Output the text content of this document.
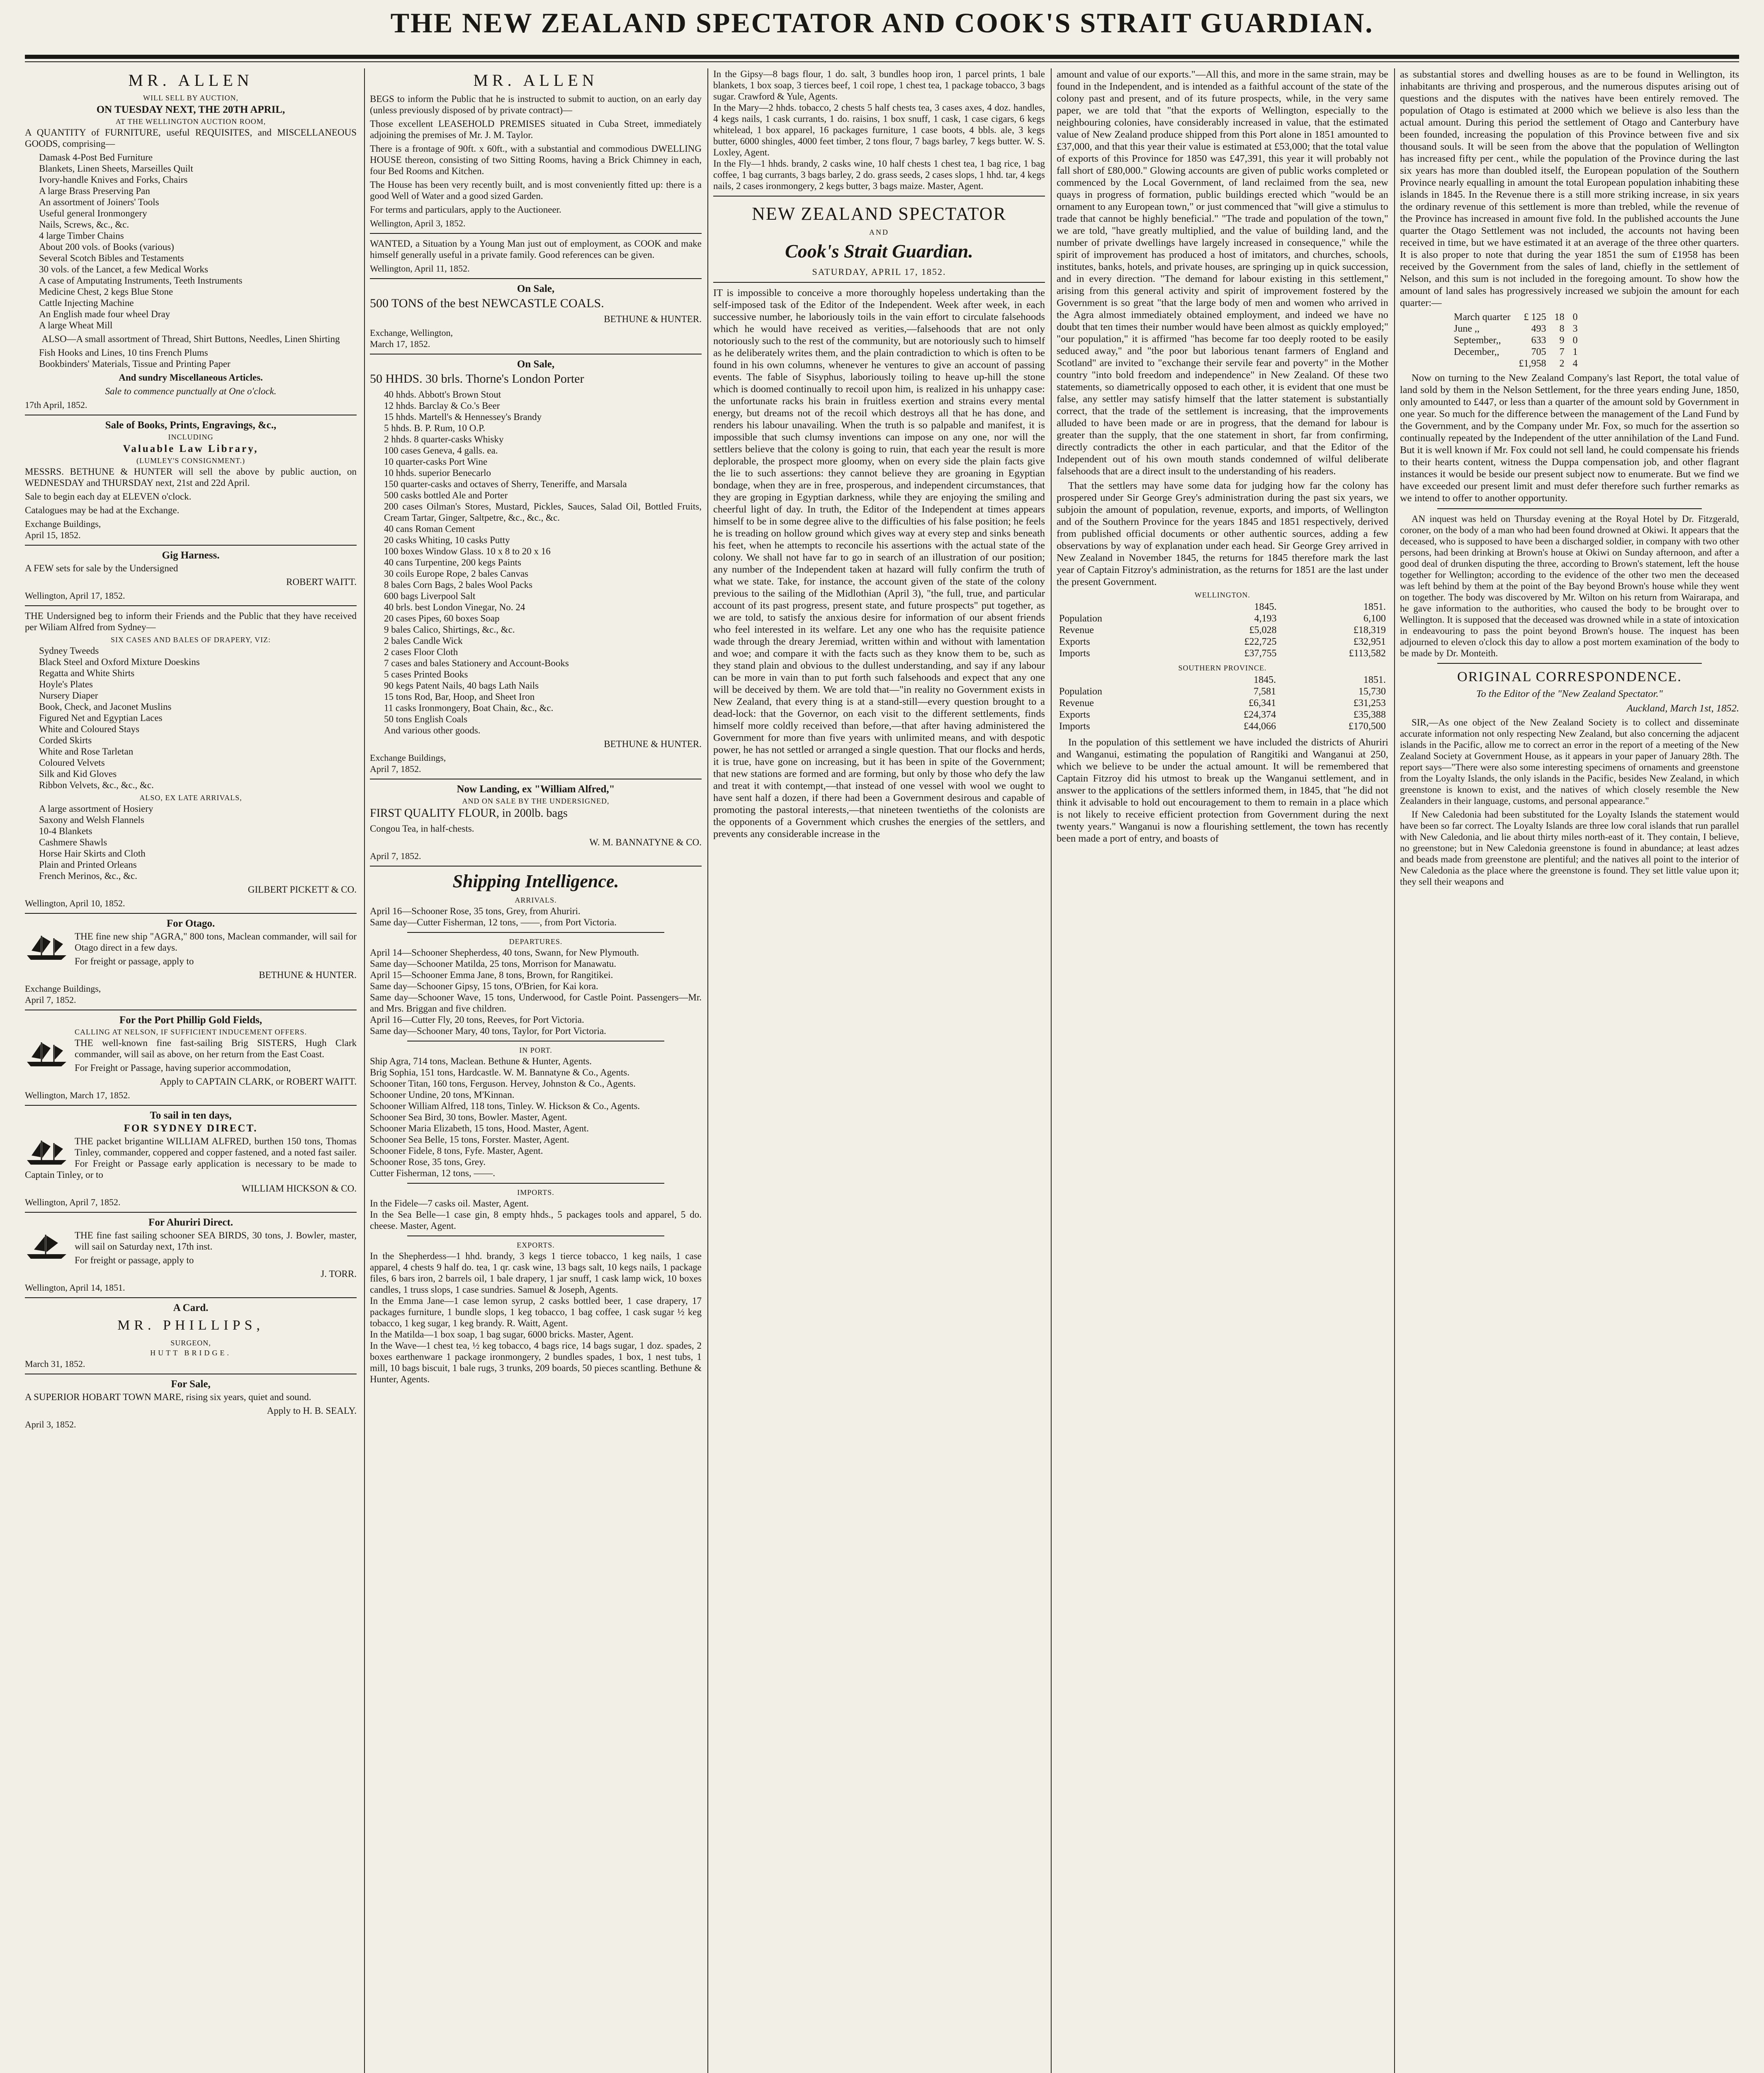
THE NEW ZEALAND SPECTATOR AND COOK'S STRAIT GUARDIAN.
MR. ALLEN
WILL SELL BY AUCTION,
ON TUESDAY NEXT, THE 20TH APRIL,
AT THE WELLINGTON AUCTION ROOM,

A QUANTITY of FURNITURE, useful REQUISITES, and MISCELLANEOUS GOODS, comprising—

Damask 4-Post Bed Furniture
Blankets, Linen Sheets, Marseilles Quilt
Ivory-handle Knives and Forks, Chairs
A large Brass Preserving Pan
An assortment of Joiners' Tools
Useful general Ironmongery
Nails, Screws, &c., &c.
4 large Timber Chains
About 200 vols. of Books (various)
Several Scotch Bibles and Testaments
30 vols. of the Lancet, a few Medical Works
A case of Amputating Instruments, Teeth Instruments
Medicine Chest, 2 kegs Blue Stone
Cattle Injecting Machine
An English made four wheel Dray
A large Wheat Mill

ALSO—A small assortment of Thread, Shirt Buttons, Needles, Linen Shirting

Fish Hooks and Lines, 10 tins French Plums
Bookbinders' Materials, Tissue and Printing Paper

And sundry Miscellaneous Articles.

Sale to commence punctually at One o'clock.

17th April, 1852.

Sale of Books, Prints, Engravings, &c.,
INCLUDING
Valuable Law Library,
(LUMLEY'S CONSIGNMENT.)

MESSRS. BETHUNE & HUNTER will sell the above by public auction, on WEDNESDAY and THURSDAY next, 21st and 22d April.

Sale to begin each day at ELEVEN o'clock.

Catalogues may be had at the Exchange.

Exchange Buildings,
April 15, 1852.

Gig Harness.

A FEW sets for sale by the Undersigned

ROBERT WAITT.

Wellington, April 17, 1852.

THE Undersigned beg to inform their Friends and the Public that they have received per Wiliam Alfred from Sydney—

SIX CASES AND BALES OF DRAPERY, VIZ:
Sydney Tweeds
Black Steel and Oxford Mixture Doeskins
Regatta and White Shirts
Hoyle's Plates
Nursery Diaper
Book, Check, and Jaconet Muslins
Figured Net and Egyptian Laces
White and Coloured Stays
Corded Skirts
White and Rose Tarletan
Coloured Velvets
Silk and Kid Gloves
Ribbon Velvets, &c., &c., &c.
ALSO, EX LATE ARRIVALS,
A large assortment of Hosiery
Saxony and Welsh Flannels
10-4 Blankets
Cashmere Shawls
Horse Hair Skirts and Cloth
Plain and Printed Orleans
French Merinos, &c., &c.

GILBERT PICKETT & CO.

Wellington, April 10, 1852.

For Otago.

THE fine new ship "AGRA," 800 tons, Maclean commander, will sail for Otago direct in a few days.

For freight or passage, apply to

BETHUNE & HUNTER.

Exchange Buildings,
April 7, 1852.

For the Port Phillip Gold Fields,
CALLING AT NELSON, IF SUFFICIENT INDUCEMENT OFFERS.

THE well-known fine fast-sailing Brig SISTERS, Hugh Clark commander, will sail as above, on her return from the East Coast.

For Freight or Passage, having superior accommodation,

Apply to CAPTAIN CLARK, or ROBERT WAITT.

Wellington, March 17, 1852.

To sail in ten days,
FOR SYDNEY DIRECT.

THE packet brigantine WILLIAM ALFRED, burthen 150 tons, Thomas Tinley, commander, coppered and copper fastened, and a noted fast sailer. For Freight or Passage early application is necessary to be made to Captain Tinley, or to

WILLIAM HICKSON & CO.

Wellington, April 7, 1852.

For Ahuriri Direct.

THE fine fast sailing schooner SEA BIRDS, 30 tons, J. Bowler, master, will sail on Saturday next, 17th inst.

For freight or passage, apply to

J. TORR.

Wellington, April 14, 1851.

A Card.
MR. PHILLIPS,
SURGEON,
HUTT BRIDGE.

March 31, 1852.

For Sale,

A SUPERIOR HOBART TOWN MARE, rising six years, quiet and sound.

Apply to H. B. SEALY.

April 3, 1852.

MR. ALLEN

BEGS to inform the Public that he is instructed to submit to auction, on an early day (unless previously disposed of by private contract)—

Those excellent LEASEHOLD PREMISES situated in Cuba Street, immediately adjoining the premises of Mr. J. M. Taylor.

There is a frontage of 90ft. x 60ft., with a substantial and commodious DWELLING HOUSE thereon, consisting of two Sitting Rooms, having a Brick Chimney in each, four Bed Rooms and Kitchen.

The House has been very recently built, and is most conveniently fitted up: there is a good Well of Water and a good sized Garden.

For terms and particulars, apply to the Auctioneer.

Wellington, April 3, 1852.

WANTED, a Situation by a Young Man just out of employment, as COOK and make himself generally useful in a private family. Good references can be given.

Wellington, April 11, 1852.

On Sale,

500 TONS of the best NEWCASTLE COALS.

BETHUNE & HUNTER.

Exchange, Wellington,
March 17, 1852.

On Sale,

50 HHDS. 30 brls. Thorne's London Porter

40 hhds. Abbott's Brown Stout
12 hhds. Barclay & Co.'s Beer
15 hhds. Martell's & Hennessey's Brandy
5 hhds. B. P. Rum, 10 O.P.
2 hhds. 8 quarter-casks Whisky
100 cases Geneva, 4 galls. ea.
10 quarter-casks Port Wine
10 hhds. superior Benecarlo
150 quarter-casks and octaves of Sherry, Teneriffe, and Marsala
500 casks bottled Ale and Porter
200 cases Oilman's Stores, Mustard, Pickles, Sauces, Salad Oil, Bottled Fruits, Cream Tartar, Ginger, Saltpetre, &c., &c., &c.
40 cans Roman Cement
20 casks Whiting, 10 casks Putty
100 boxes Window Glass. 10 x 8 to 20 x 16
40 cans Turpentine, 200 kegs Paints
30 coils Europe Rope, 2 bales Canvas
8 bales Corn Bags, 2 bales Wool Packs
600 bags Liverpool Salt
40 brls. best London Vinegar, No. 24
20 cases Pipes, 60 boxes Soap
9 bales Calico, Shirtings, &c., &c.
2 bales Candle Wick
2 cases Floor Cloth
7 cases and bales Stationery and Account-Books
5 cases Printed Books
90 kegs Patent Nails, 40 bags Lath Nails
15 tons Rod, Bar, Hoop, and Sheet Iron
11 casks Ironmongery, Boat Chain, &c., &c.
50 tons English Coals
And various other goods.

BETHUNE & HUNTER.

Exchange Buildings,
April 7, 1852.

Now Landing, ex "William Alfred,"
AND ON SALE BY THE UNDERSIGNED,

FIRST QUALITY FLOUR, in 200lb. bags

Congou Tea, in half-chests.

W. M. BANNATYNE & CO.

April 7, 1852.

Shipping Intelligence.
ARRIVALS.
April 16—Schooner Rose, 35 tons, Grey, from Ahuriri.
Same day—Cutter Fisherman, 12 tons, ——, from Port Victoria.
DEPARTURES.
April 14—Schooner Shepherdess, 40 tons, Swann, for New Plymouth.
Same day—Schooner Matilda, 25 tons, Morrison for Manawatu.
April 15—Schooner Emma Jane, 8 tons, Brown, for Rangitikei.
Same day—Schooner Gipsy, 15 tons, O'Brien, for Kai kora.
Same day—Schooner Wave, 15 tons, Underwood, for Castle Point. Passengers—Mr. and Mrs. Briggan and five children.
April 16—Cutter Fly, 20 tons, Reeves, for Port Victoria.
Same day—Schooner Mary, 40 tons, Taylor, for Port Victoria.
IN PORT.
Ship Agra, 714 tons, Maclean. Bethune & Hunter, Agents.
Brig Sophia, 151 tons, Hardcastle. W. M. Bannatyne & Co., Agents.
Schooner Titan, 160 tons, Ferguson. Hervey, Johnston & Co., Agents.
Schooner Undine, 20 tons, M'Kinnan.
Schooner William Alfred, 118 tons, Tinley. W. Hickson & Co., Agents.
Schooner Sea Bird, 30 tons, Bowler. Master, Agent.
Schooner Maria Elizabeth, 15 tons, Hood. Master, Agent.
Schooner Sea Belle, 15 tons, Forster. Master, Agent.
Schooner Fidele, 8 tons, Fyfe. Master, Agent.
Schooner Rose, 35 tons, Grey.
Cutter Fisherman, 12 tons, ——.
IMPORTS.
In the Fidele—7 casks oil. Master, Agent.
In the Sea Belle—1 case gin, 8 empty hhds., 5 packages tools and apparel, 5 do. cheese. Master, Agent.
EXPORTS.
In the Shepherdess—1 hhd. brandy, 3 kegs 1 tierce tobacco, 1 keg nails, 1 case apparel, 4 chests 9 half do. tea, 1 qr. cask wine, 13 bags salt, 10 kegs nails, 1 package files, 6 bars iron, 2 barrels oil, 1 bale drapery, 1 jar snuff, 1 cask lamp wick, 10 boxes candles, 1 truss slops, 1 case sundries. Samuel & Joseph, Agents.
In the Emma Jane—1 case lemon syrup, 2 casks bottled beer, 1 case drapery, 17 packages furniture, 1 bundle slops, 1 keg tobacco, 1 bag coffee, 1 cask sugar ½ keg tobacco, 1 keg sugar, 1 keg brandy. R. Waitt, Agent.
In the Matilda—1 box soap, 1 bag sugar, 6000 bricks. Master, Agent.
In the Wave—1 chest tea, ½ keg tobacco, 4 bags rice, 14 bags sugar, 1 doz. spades, 2 boxes earthenware 1 package ironmongery, 2 bundles spades, 1 box, 1 nest tubs, 1 mill, 10 bags biscuit, 1 bale rugs, 3 trunks, 209 boards, 50 pieces scantling. Bethune & Hunter, Agents.
In the Gipsy—8 bags flour, 1 do. salt, 3 bundles hoop iron, 1 parcel prints, 1 bale blankets, 1 box soap, 3 tierces beef, 1 coil rope, 1 chest tea, 1 package tobacco, 3 bags sugar. Crawford & Yule, Agents.
In the Mary—2 hhds. tobacco, 2 chests 5 half chests tea, 3 cases axes, 4 doz. handles, 4 kegs nails, 1 cask currants, 1 do. raisins, 1 box snuff, 1 cask, 1 case cigars, 6 kegs whitelead, 1 box apparel, 16 packages furniture, 1 case boots, 4 bbls. ale, 3 kegs butter, 6000 shingles, 4000 feet timber, 2 tons flour, 7 bags barley, 7 kegs butter. W. S. Loxley, Agent.
In the Fly—1 hhds. brandy, 2 casks wine, 10 half chests 1 chest tea, 1 bag rice, 1 bag coffee, 1 bag currants, 3 bags barley, 2 do. grass seeds, 2 cases slops, 1 hhd. tar, 4 kegs nails, 2 cases ironmongery, 2 kegs butter, 3 bags maize. Master, Agent.
NEW ZEALAND SPECTATOR
AND
Cook's Strait Guardian.
SATURDAY, APRIL 17, 1852.

IT is impossible to conceive a more thoroughly hopeless undertaking than the self-imposed task of the Editor of the Independent. Week after week, in each successive number, he laboriously toils in the vain effort to circulate falsehoods which he would have received as verities,—falsehoods that are not only notoriously such to the rest of the community, but are notoriously such to himself as he deliberately writes them, and the plain contradiction to which is often to be found in his own columns, whenever he ventures to give an account of passing events. The fable of Sisyphus, laboriously toiling to heave up-hill the stone which is doomed continually to recoil upon him, is realized in his unhappy case: the unfortunate racks his brain in fruitless exertion and strains every mental energy, but dreams not of the recoil which destroys all that he has done, and renders his labour unavailing. When the truth is so palpable and manifest, it is impossible that such clumsy inventions can impose on any one, nor will the settlers believe that the colony is going to ruin, that each year the result is more deplorable, the prospect more gloomy, when on every side the plain facts give the lie to such assertions: they cannot believe they are groaning in Egyptian bondage, when they are in free, prosperous, and independent circumstances, that they are groping in Egyptian darkness, while they are enjoying the smiling and cheerful light of day. In truth, the Editor of the Independent at times appears himself to be in some degree alive to the difficulties of his false position; he feels he is treading on hollow ground which gives way at every step and sinks beneath his feet, when he attempts to reconcile his assertions with the actual state of the colony. We shall not have far to go in search of an illustration of our position; any number of the Independent taken at hazard will fully confirm the truth of what we state. Take, for instance, the account given of the state of the colony previous to the sailing of the Midlothian (April 3), "the full, true, and particular account of its past progress, present state, and future prospects" put together, as we are told, to satisfy the anxious desire for information of our absent friends who feel interested in its welfare. Let any one who has the requisite patience wade through the dreary Jeremiad, written within and without with lamentation and woe; and compare it with the facts such as they know them to be, such as they stand plain and obvious to the dullest understanding, and say if any labour can be more in vain than to put forth such falsehoods and expect that any one will be deceived by them. We are told that—"in reality no Government exists in New Zealand, that every thing is at a stand-still—every question brought to a dead-lock: that the Governor, on each visit to the different settlements, finds himself more coldly received than before,—that after having administered the Government for more than five years with unlimited means, and with despotic power, he has not settled or arranged a single question. That our flocks and herds, it is true, have gone on increasing, but it has been in spite of the Government; that new stations are formed and are forming, but only by those who defy the law and treat it with contempt,—that instead of one vessel with wool we ought to have sent half a dozen, if there had been a Government desirous and capable of promoting the pastoral interests,—that nineteen twentieths of the colonists are the opponents of a Government which crushes the energies of the settlers, and prevents any considerable increase in the

amount and value of our exports."—All this, and more in the same strain, may be found in the Independent, and is intended as a faithful account of the state of the colony past and present, and of its future prospects, while, in the very same paper, we are told that "that the exports of Wellington, especially to the neighbouring colonies, have considerably increased in value, that the estimated value of New Zealand produce shipped from this Port alone in 1851 amounted to £37,000, and that this year their value is estimated at £53,000; that the total value of exports of this Province for 1850 was £47,391, this year it will probably not fall short of £80,000." Glowing accounts are given of public works completed or commenced by the Local Government, of land reclaimed from the sea, new quays in progress of formation, public buildings erected which "would be an ornament to any European town," or just commenced that "will give a stimulus to trade that cannot be highly beneficial." "The trade and population of the town," we are told, "have greatly multiplied, and the value of building land, and the number of private dwellings have largely increased in consequence," while the spirit of improvement has produced a host of imitators, and churches, schools, institutes, banks, hotels, and private houses, are springing up in quick succession, and in every direction. "The demand for labour existing in this settlement," arising from this general activity and spirit of improvement fostered by the Government is so great "that the large body of men and women who arrived in the Agra almost immediately obtained employment, and indeed we have no doubt that ten times their number would have been almost as quickly employed;" "our population," it is affirmed "has become far too deeply rooted to be easily seduced away," and "the poor but laborious tenant farmers of England and Scotland" are invited to "exchange their servile fear and poverty" in the Mother country "into bold freedom and independence" in New Zealand. Of these two statements, so diametrically opposed to each other, it is evident that one must be false, any settler may satisfy himself that the latter statement is substantially correct, that the trade of the settlement is increasing, that the improvements alluded to have been made or are in progress, that the demand for labour is greater than the supply, that the one statement in short, far from confirming, directly contradicts the other in each particular, and that the Editor of the Independent out of his own mouth stands condemned of wilful deliberate falsehoods that are a direct insult to the understanding of his readers.

That the settlers may have some data for judging how far the colony has prospered under Sir George Grey's administration during the past six years, we subjoin the amount of population, revenue, exports, and imports, of Wellington and of the Southern Province for the years 1845 and 1851 respectively, derived from published official documents or other authentic sources, adding a few observations by way of explanation under each head. Sir George Grey arrived in New Zealand in November 1845, the returns for 1845 therefore mark the last year of Captain Fitzroy's administration, as the returns for 1851 are the last under the present Government.

WELLINGTON.
	1845.	1851.
Population	4,193	6,100
Revenue	£5,028	£18,319
Exports	£22,725	£32,951
Imports	£37,755	£113,582
SOUTHERN PROVINCE.
	1845.	1851.
Population	7,581	15,730
Revenue	£6,341	£31,253
Exports	£24,374	£35,388
Imports	£44,066	£170,500

In the population of this settlement we have included the districts of Ahuriri and Wanganui, estimating the population of Rangitiki and Wanganui at 250, which we believe to be under the actual amount. It will be remembered that Captain Fitzroy did his utmost to break up the Wanganui settlement, and in answer to the applications of the settlers informed them, in 1845, that "he did not think it advisable to hold out encouragement to them to remain in a place which is not likely to receive efficient protection from Government during the next twenty years." Wanganui is now a flourishing settlement, the town has recently been made a port of entry, and boasts of

as substantial stores and dwelling houses as are to be found in Wellington, its inhabitants are thriving and prosperous, and the numerous disputes arising out of questions and the disputes with the natives have been entirely removed. The population of Otago is estimated at 2000 which we believe is also less than the actual amount. During this period the settlement of Otago and Canterbury have been founded, increasing the population of this Province between five and six thousand souls. It will be seen from the above that the population of Wellington has increased fifty per cent., while the population of the Province during the last six years has more than doubled itself, the European population of the Southern Province nearly equalling in amount the total European population inhabiting these islands in 1845. In the Revenue there is a still more striking increase, in six years the ordinary revenue of this settlement is more than trebled, while the revenue of the Province has increased in amount five fold. In the published accounts the June quarter the Otago Settlement was not included, the accounts not having been received in time, but we have estimated it at an average of the three other quarters. It is also proper to note that during the year 1851 the sum of £1958 has been received by the Government from the sales of land, chiefly in the settlement of Nelson, and this sum is not included in the foregoing amount. To show how the amount of land sales has progressively increased we subjoin the amount for each quarter:—

March quarter	£ 125	18	0
June ,,	493	8	3
September,,	633	9	0
December,,	705	7	1
	£1,958	2	4

Now on turning to the New Zealand Company's last Report, the total value of land sold by them in the Nelson Settlement, for the three years ending June, 1850, only amounted to £447, or less than a quarter of the amount sold by Government in one year. So much for the difference between the management of the Land Fund by the Government, and by the Company under Mr. Fox, so much for the assertion so continually repeated by the Independent of the utter annihilation of the Land Fund. But it is well known if Mr. Fox could not sell land, he could compensate his friends to their hearts content, witness the Duppa compensation job, and other flagrant instances it would be beside our present subject now to enumerate. But we find we have exceeded our present limit and must defer therefore such further remarks as we intend to offer to another opportunity.

AN inquest was held on Thursday evening at the Royal Hotel by Dr. Fitzgerald, coroner, on the body of a man who had been found drowned at Okiwi. It appears that the deceased, who is supposed to have been a discharged soldier, in company with two other persons, had been drinking at Brown's house at Okiwi on Sunday afternoon, and after a good deal of drunken disputing the three, according to Brown's statement, left the house together for Wellington; according to the evidence of the other two men the deceased was left behind by them at the point of the Bay beyond Brown's house while they went on together. The body was discovered by Mr. Wilton on his return from Wairarapa, and he gave information to the authorities, who caused the body to be brought over to Wellington. It is supposed that the deceased was drowned while in a state of intoxication in endeavouring to pass the point beyond Brown's house. The inquest has been adjourned to eleven o'clock this day to allow a post mortem examination of the body to be made by Dr. Monteith.

ORIGINAL CORRESPONDENCE.

To the Editor of the "New Zealand Spectator."

Auckland, March 1st, 1852.

SIR,—As one object of the New Zealand Society is to collect and disseminate accurate information not only respecting New Zealand, but also concerning the adjacent islands in the Pacific, allow me to correct an error in the report of a meeting of the New Zealand Society at Government House, as it appears in your paper of January 28th. The report says—"There were also some interesting specimens of ornaments and greenstone from the Loyalty Islands, the only islands in the Pacific, besides New Zealand, in which greenstone is known to exist, and the natives of which closely resemble the New Zealanders in their language, customs, and personal appearance."

If New Caledonia had been substituted for the Loyalty Islands the statement would have been so far correct. The Loyalty Islands are three low coral islands that run parallel with New Caledonia, and lie about thirty miles north-east of it. They contain, I believe, no greenstone; but in New Caledonia greenstone is found in abundance; at least adzes and beads made from greenstone are plentiful; and the natives all point to the interior of New Caledonia as the place where the greenstone is found. They set little value upon it; they sell their weapons and
